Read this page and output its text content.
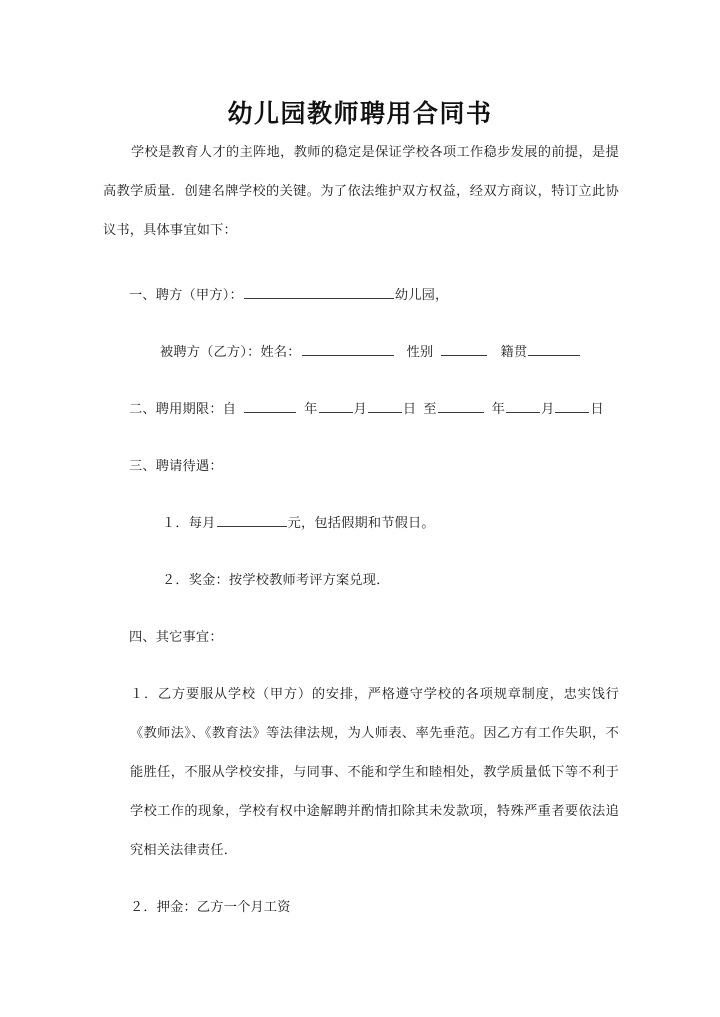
幼儿园教师聘用合同书

学校是教育人才的主阵地，教师的稳定是保证学校各项工作稳步发展的前提，是提高教学质量．创建名牌学校的关键。为了依法维护双方权益，经双方商议，特订立此协议书，具体事宜如下：

一、聘方（甲方）：	幼儿园，

被聘方（乙方）：姓名：	性别	籍贯

二、聘用期限：自	年	月	日 至	年	月	日

三、聘请待遇：

１．每月	元，包括假期和节假日。

２．奖金：按学校教师考评方案兑现．

四、其它事宜：

１．乙方要服从学校（甲方）的安排，严格遵守学校的各项规章制度，忠实饯行《教师法》、《教育法》等法律法规，为人师表、率先垂范。因乙方有工作失职，不能胜任，不服从学校安排，与同事、不能和学生和睦相处，教学质量低下等不利于学校工作的现象，学校有权中途解聘并酌情扣除其未发款项，特殊严重者要依法追究相关法律责任．

２．押金：乙方一个月工资
